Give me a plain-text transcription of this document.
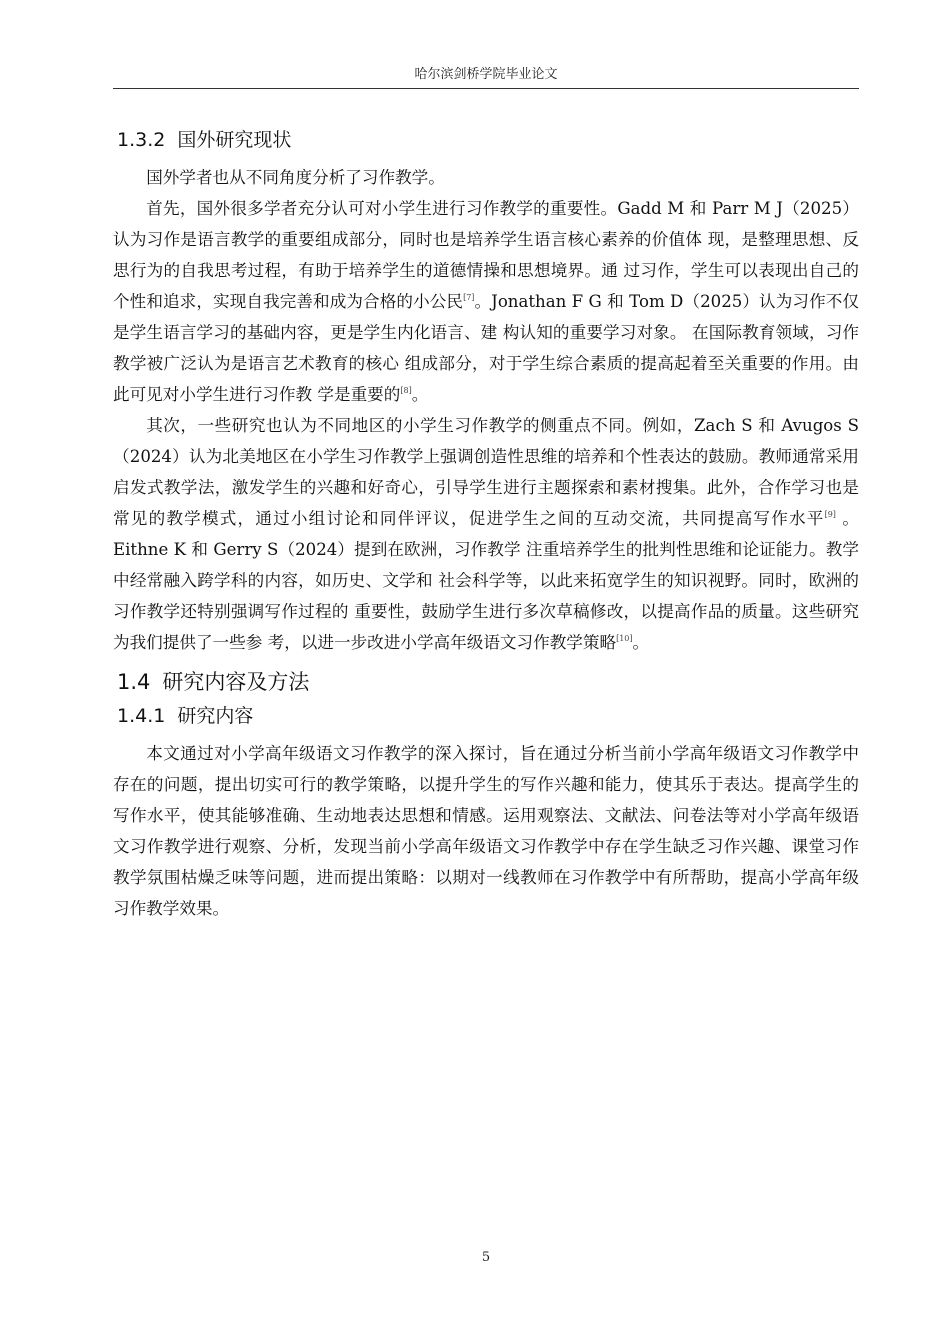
哈尔滨剑桥学院毕业论文
1.3.2 国外研究现状

国外学者也从不同角度分析了习作教学。

首先，国外很多学者充分认可对小学生进行习作教学的重要性。Gadd M 和 Parr M J（2025）认为习作是语言教学的重要组成部分，同时也是培养学生语言核心素养的价值体 现，是整理思想、反思行为的自我思考过程，有助于培养学生的道德情操和思想境界。通 过习作，学生可以表现出自己的个性和追求，实现自我完善和成为合格的小公民[7]。Jonathan F G 和 Tom D（2025）认为习作不仅是学生语言学习的基础内容，更是学生内化语言、建 构认知的重要学习对象。 在国际教育领域，习作教学被广泛认为是语言艺术教育的核心 组成部分，对于学生综合素质的提高起着至关重要的作用。由此可见对小学生进行习作教 学是重要的[8]。

其次，一些研究也认为不同地区的小学生习作教学的侧重点不同。例如，Zach S 和 Avugos S（2024）认为北美地区在小学生习作教学上强调创造性思维的培养和个性表达的鼓励。教师通常采用启发式教学法，激发学生的兴趣和好奇心，引导学生进行主题探索和素材搜集。此外，合作学习也是常见的教学模式，通过小组讨论和同伴评议，促进学生之间的互动交流，共同提高写作水平[9] 。Eithne K 和 Gerry S（2024）提到在欧洲，习作教学 注重培养学生的批判性思维和论证能力。教学中经常融入跨学科的内容，如历史、文学和 社会科学等，以此来拓宽学生的知识视野。同时，欧洲的习作教学还特别强调写作过程的 重要性，鼓励学生进行多次草稿修改，以提高作品的质量。这些研究为我们提供了一些参 考，以进一步改进小学高年级语文习作教学策略[10]。

1.4 研究内容及方法
1.4.1 研究内容

本文通过对小学高年级语文习作教学的深入探讨，旨在通过分析当前小学高年级语文习作教学中存在的问题，提出切实可行的教学策略，以提升学生的写作兴趣和能力，使其乐于表达。提高学生的写作水平，使其能够准确、生动地表达思想和情感。运用观察法、文献法、问卷法等对小学高年级语文习作教学进行观察、分析，发现当前小学高年级语文习作教学中存在学生缺乏习作兴趣、课堂习作教学氛围枯燥乏味等问题，进而提出策略：以期对一线教师在习作教学中有所帮助，提高小学高年级习作教学效果。

5
